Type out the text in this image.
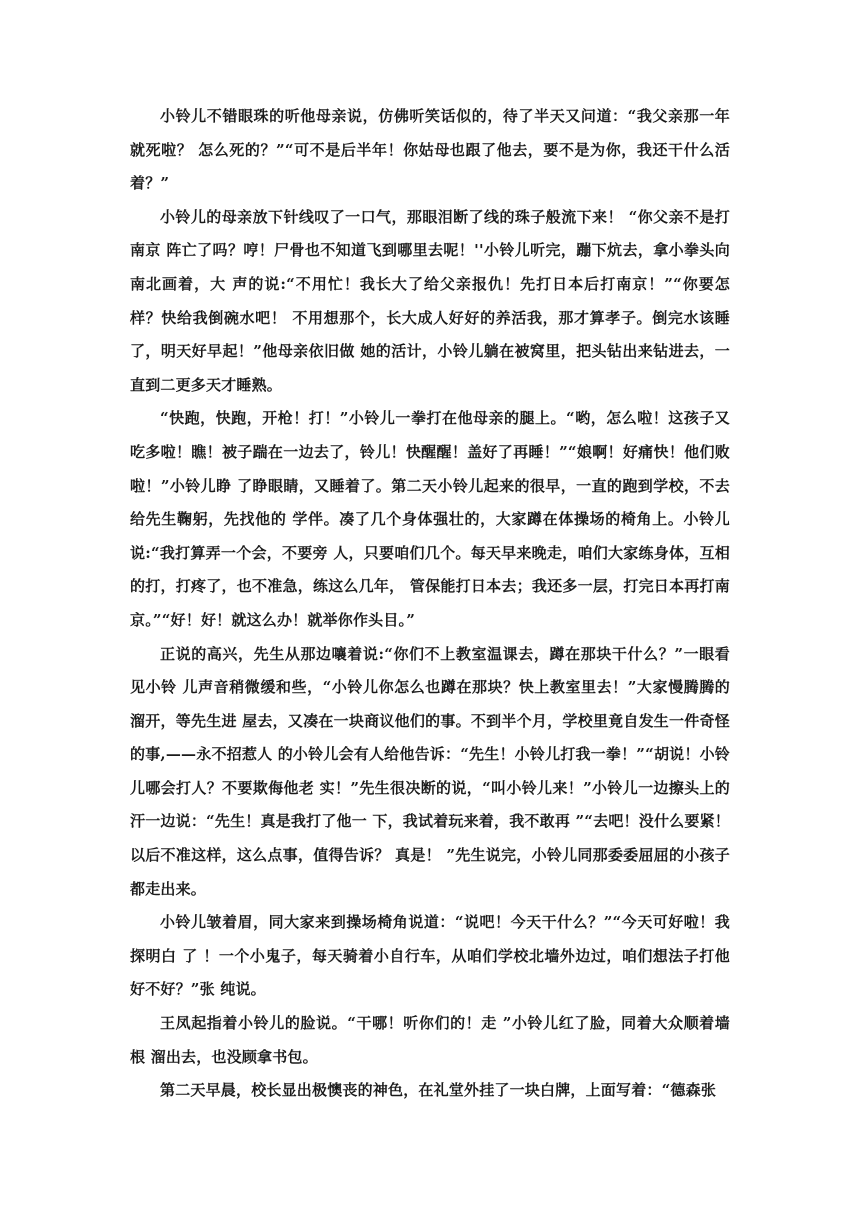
小铃儿不错眼珠的听他母亲说，仿佛听笑话似的，待了半天又问道：“我父亲那一年就死啦？ 怎么死的？”“可不是后半年！你姑母也跟了他去，要不是为你，我还干什么活着？”

小铃儿的母亲放下针线叹了一口气，那眼泪断了线的珠子般流下来！ “你父亲不是打南京 阵亡了吗？哼！尸骨也不知道飞到哪里去呢！''小铃儿听完，蹦下炕去，拿小拳头向南北画着，大 声的说:“不用忙！我长大了给父亲报仇！先打日本后打南京！”“你要怎样？快给我倒碗水吧！ 不用想那个，长大成人好好的养活我，那才算孝子。倒完水该睡了，明天好早起！”他母亲依旧做 她的活计，小铃儿躺在被窝里，把头钻出来钻进去，一直到二更多天才睡熟。

“快跑，快跑，开枪！打！”小铃儿一拳打在他母亲的腿上。“哟，怎么啦！这孩子又吃多啦！瞧！被子踹在一边去了，铃儿！快醒醒！盖好了再睡！”“娘啊！好痛快！他们败啦！”小铃儿睁 了睁眼睛，又睡着了。第二天小铃儿起来的很早，一直的跑到学校，不去给先生鞠躬，先找他的 学伴。凑了几个身体强壮的，大家蹲在体操场的椅角上。小铃儿说:“我打算弄一个会，不要旁 人，只要咱们几个。每天早来晚走，咱们大家练身体，互相的打，打疼了，也不准急，练这么几年， 管保能打日本去；我还多一层，打完日本再打南京。”“好！好！就这么办！就举你作头目。”

正说的高兴，先生从那边嚷着说:“你们不上教室温课去，蹲在那块干什么？”一眼看见小铃 儿声音稍微缓和些，“小铃儿你怎么也蹲在那块？快上教室里去！”大家慢腾腾的溜开，等先生进 屋去，又凑在一块商议他们的事。不到半个月，学校里竟自发生一件奇怪的事,——永不招惹人 的小铃儿会有人给他告诉：“先生！小铃儿打我一拳！”“胡说！小铃儿哪会打人？不要欺侮他老 实！”先生很决断的说，“叫小铃儿来！”小铃儿一边擦头上的汗一边说：“先生！真是我打了他一 下，我试着玩来着，我不敢再 ”“去吧！没什么要紧！以后不准这样，这么点事，值得告诉？ 真是！ ”先生说完，小铃儿同那委委屈屈的小孩子都走出来。

小铃儿皱着眉，同大家来到操场椅角说道：“说吧！今天干什么？”“今天可好啦！我探明白 了 ！一个小鬼子，每天骑着小自行车，从咱们学校北墙外边过，咱们想法子打他好不好？”张 纯说。

王凤起指着小铃儿的脸说。“干哪！听你们的！走 ”小铃儿红了脸，同着大众顺着墙根 溜出去，也没顾拿书包。

第二天早晨，校长显出极懊丧的神色，在礼堂外挂了一块白牌，上面写着：“德森张
